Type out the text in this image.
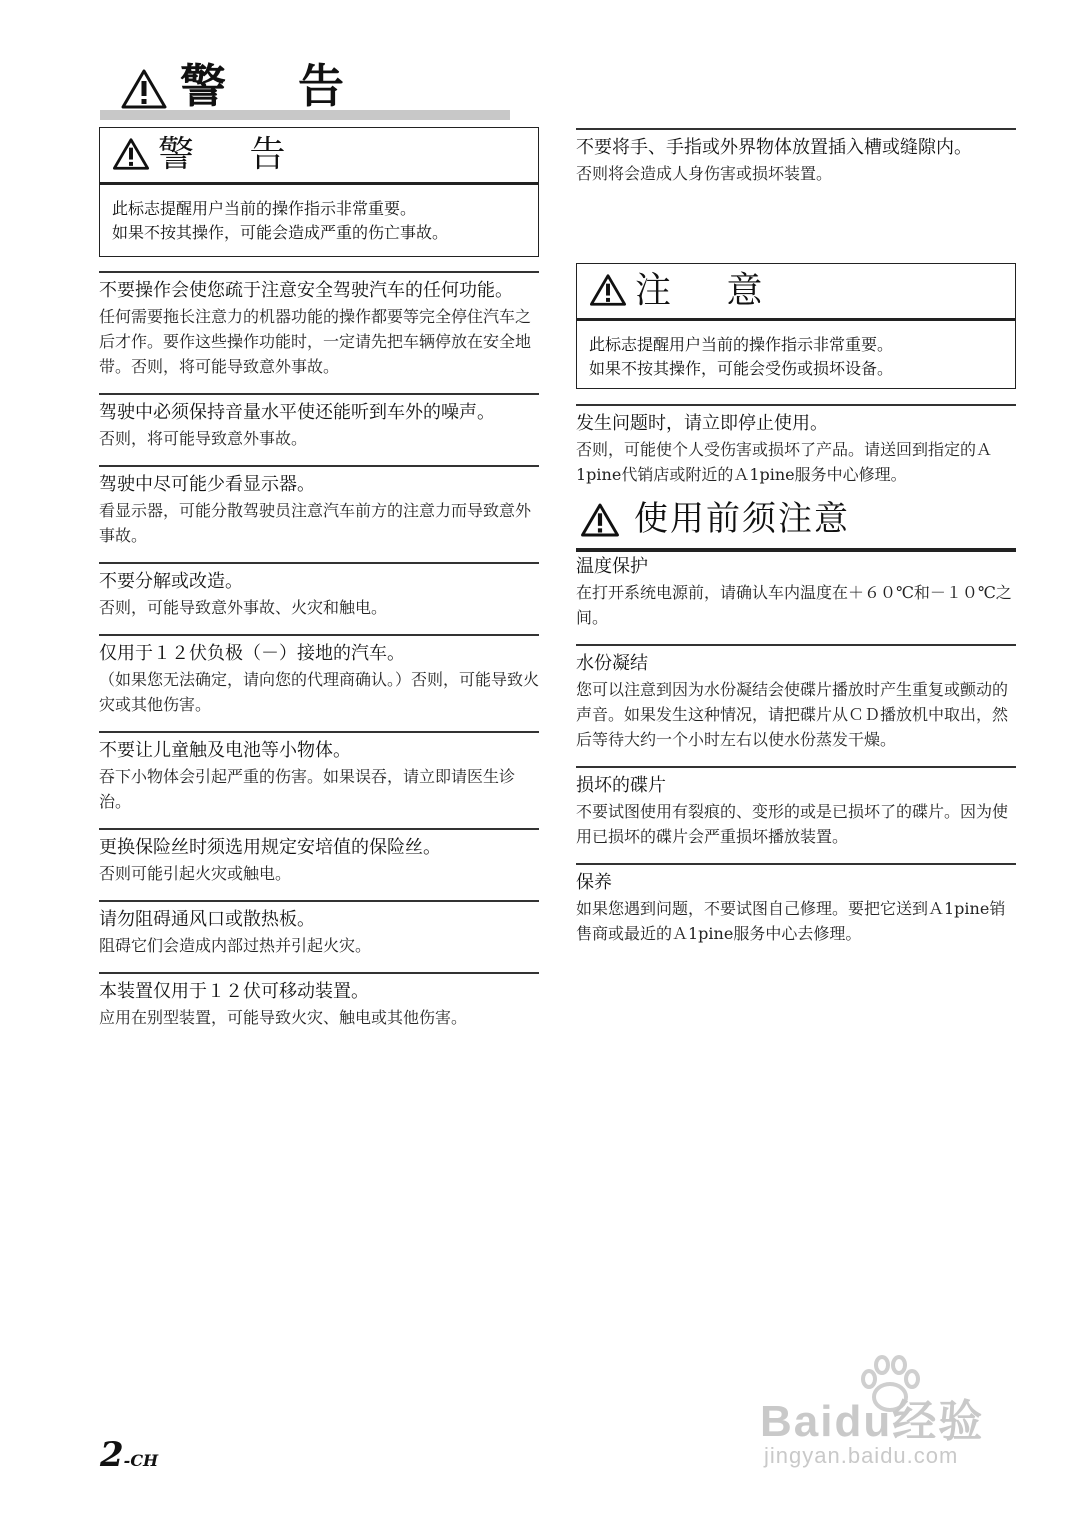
警 告
警 告
此标志提醒用户当前的操作指示非常重要。
如果不按其操作，可能会造成严重的伤亡事故。
不要操作会使您疏于注意安全驾驶汽车的任何功能。
任何需要拖长注意力的机器功能的操作都要等完全停住汽车之后才作。要作这些操作功能时，一定请先把车辆停放在安全地带。否则，将可能导致意外事故。
驾驶中必须保持音量水平使还能听到车外的噪声。
否则，将可能导致意外事故。
驾驶中尽可能少看显示器。
看显示器，可能分散驾驶员注意汽车前方的注意力而导致意外事故。
不要分解或改造。
否则，可能导致意外事故、火灾和触电。
仅用于１２伏负极（－）接地的汽车。
（如果您无法确定，请向您的代理商确认。）否则，可能导致火灾或其他伤害。
不要让儿童触及电池等小物体。
吞下小物体会引起严重的伤害。如果误吞，请立即请医生诊治。
更换保险丝时须选用规定安培值的保险丝。
否则可能引起火灾或触电。
请勿阻碍通风口或散热板。
阻碍它们会造成内部过热并引起火灾。
本装置仅用于１２伏可移动装置。
应用在别型装置，可能导致火灾、触电或其他伤害。
不要将手、手指或外界物体放置插入槽或缝隙内。
否则将会造成人身伤害或损坏装置。
注 意
此标志提醒用户当前的操作指示非常重要。
如果不按其操作，可能会受伤或损坏设备。
发生问题时，请立即停止使用。
否则，可能使个人受伤害或损坏了产品。请送回到指定的Ａ1pine代销店或附近的Ａ1pine服务中心修理。
使用前须注意
温度保护
在打开系统电源前，请确认车内温度在＋６０℃和－１０℃之间。
水份凝结
您可以注意到因为水份凝结会使碟片播放时产生重复或颤动的声音。如果发生这种情况，请把碟片从ＣＤ播放机中取出，然后等待大约一个小时左右以使水份蒸发干燥。
损坏的碟片
不要试图使用有裂痕的、变形的或是已损坏了的碟片。因为使用已损坏的碟片会严重损坏播放装置。
保养
如果您遇到问题，不要试图自己修理。要把它送到Ａ1pine销售商或最近的Ａ1pine服务中心去修理。
2-CH
Baidu经验
jingyan.baidu.com
